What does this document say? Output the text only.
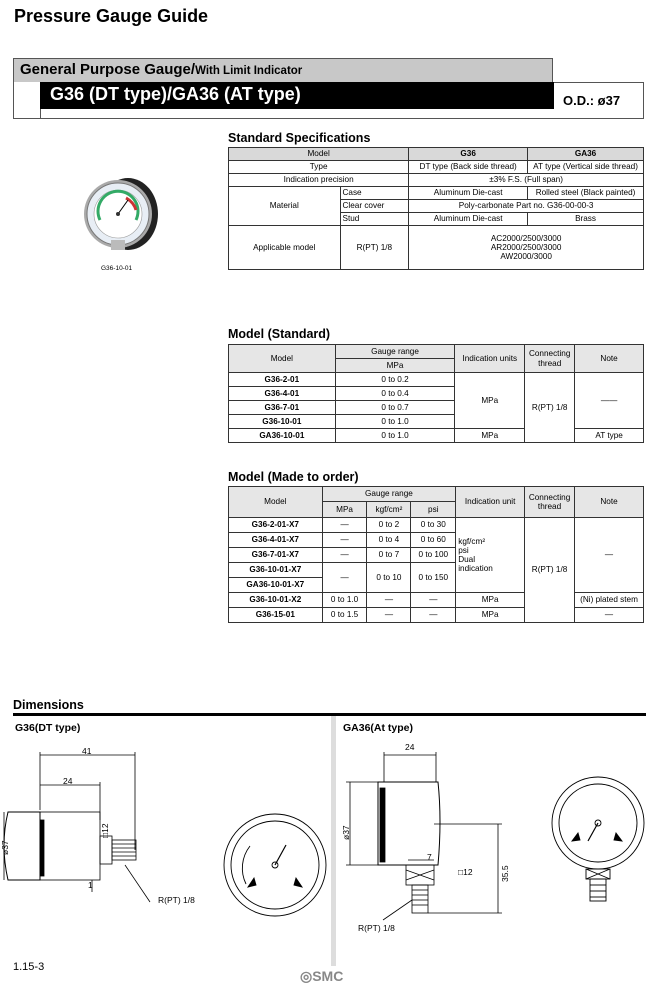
Pressure Gauge Guide
General Purpose Gauge/With Limit Indicator
G36 (DT type)/GA36 (AT type)	O.D.: ø37
G36-10-01
Standard Specifications
Model		G36	GA36
Type		DT type (Back side thread)	AT type (Vertical side thread)
Indication precision		±3% F.S. (Full span)	
Material	Case	Aluminum Die-cast	Rolled steel (Black painted)
	Clear cover	Poly-carbonate Part no. G36-00-00-3	
	Stud	Aluminum Die-cast	Brass
Applicable model	R(PT) 1/8	AC2000/2500/3000
AR2000/2500/3000
AW2000/3000	
Model (Standard)
Model	Gauge range	Indication units	Connecting thread	Note
	MPa			
G36-2-01	0 to 0.2	MPa	R(PT) 1/8	——
G36-4-01	0 to 0.4			
G36-7-01	0 to 0.7			
G36-10-01	0 to 1.0			
GA36-10-01	0 to 1.0	MPa		AT type
Model (Made to order)
Model	Gauge range			Indication unit	Connecting thread	Note
	MPa	kgf/cm²	psi			
G36-2-01-X7	—	0 to 2	0 to 30	kgf/cm²
psi
Dual
indication	R(PT) 1/8	—
G36-4-01-X7	—	0 to 4	0 to 60			
G36-7-01-X7	—	0 to 7	0 to 100			
G36-10-01-X7	—	0 to 10	0 to 150			
GA36-10-01-X7						
G36-10-01-X2	0 to 1.0	—	—	MPa		(Ni) plated stem
G36-15-01	0 to 1.5	—	—	MPa		—
Dimensions
G36(DT type)	GA36(At type)
41
24
ø37
□12
1
R(PT) 1/8
24
ø37
7
□12	35.5
R(PT) 1/8
1.15-3
◎SMC
